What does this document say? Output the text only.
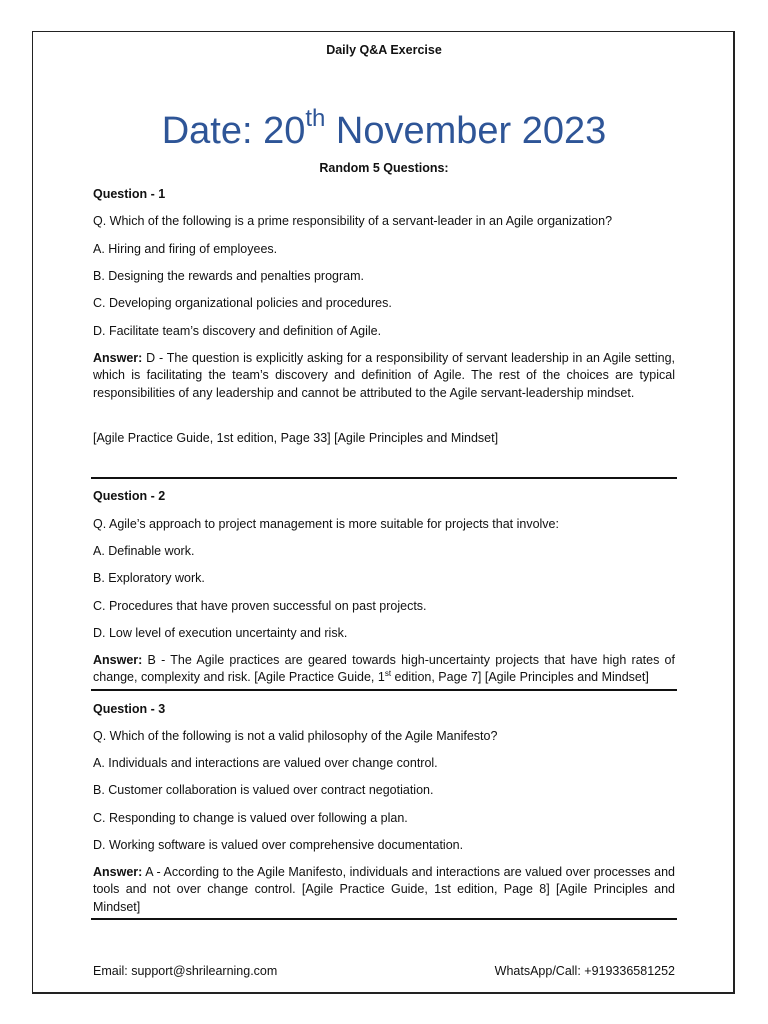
Daily Q&A Exercise
Date: 20th November 2023
Random 5 Questions:
Question - 1
Q. Which of the following is a prime responsibility of a servant-leader in an Agile organization?
A. Hiring and firing of employees.
B. Designing the rewards and penalties program.
C. Developing organizational policies and procedures.
D. Facilitate team’s discovery and definition of Agile.
Answer: D - The question is explicitly asking for a responsibility of servant leadership in an Agile setting, which is facilitating the team’s discovery and definition of Agile. The rest of the choices are typical responsibilities of any leadership and cannot be attributed to the Agile servant-leadership mindset.
[Agile Practice Guide, 1st edition, Page 33] [Agile Principles and Mindset]
Question - 2
Q. Agile’s approach to project management is more suitable for projects that involve:
A. Definable work.
B. Exploratory work.
C. Procedures that have proven successful on past projects.
D. Low level of execution uncertainty and risk.
Answer: B - The Agile practices are geared towards high-uncertainty projects that have high rates of change, complexity and risk. [Agile Practice Guide, 1st edition, Page 7] [Agile Principles and Mindset]
Question - 3
Q. Which of the following is not a valid philosophy of the Agile Manifesto?
A. Individuals and interactions are valued over change control.
B. Customer collaboration is valued over contract negotiation.
C. Responding to change is valued over following a plan.
D. Working software is valued over comprehensive documentation.
Answer: A - According to the Agile Manifesto, individuals and interactions are valued over processes and tools and not over change control. [Agile Practice Guide, 1st edition, Page 8] [Agile Principles and Mindset]
Email: support@shrilearning.com	WhatsApp/Call: +919336581252
